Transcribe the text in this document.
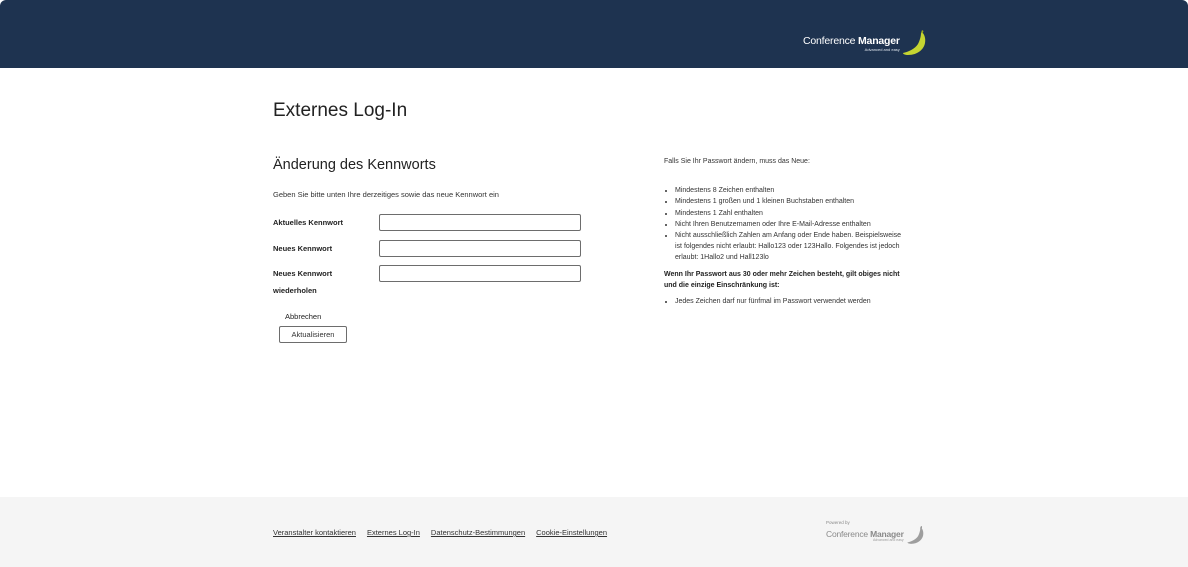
Conference Manager
Advanced and easy
Externes Log-In
Änderung des Kennworts

Geben Sie bitte unten Ihre derzeitiges sowie das neue Kennwort ein

Aktuelles Kennwort
Neues Kennwort
Neues Kennwort
wiederholen
Abbrechen
Aktualisieren

Falls Sie Ihr Passwort ändern, muss das Neue:

• Mindestens 8 Zeichen enthalten
• Mindestens 1 großen und 1 kleinen Buchstaben enthalten
• Mindestens 1 Zahl enthalten
• Nicht Ihren Benutzernamen oder Ihre E-Mail-Adresse enthalten
• Nicht ausschließlich Zahlen am Anfang oder Ende haben. Beispielsweise ist folgendes nicht erlaubt: Hallo123 oder 123Hallo. Folgendes ist jedoch erlaubt: 1Hallo2 und Hall123lo

Wenn Ihr Passwort aus 30 oder mehr Zeichen besteht, gilt obiges nicht und die einzige Einschränkung ist:

• Jedes Zeichen darf nur fünfmal im Passwort verwendet werden
Veranstalter kontaktieren Externes Log-In Datenschutz-Bestimmungen Cookie-Einstellungen
Powered by
Conference Manager
Advanced and easy
